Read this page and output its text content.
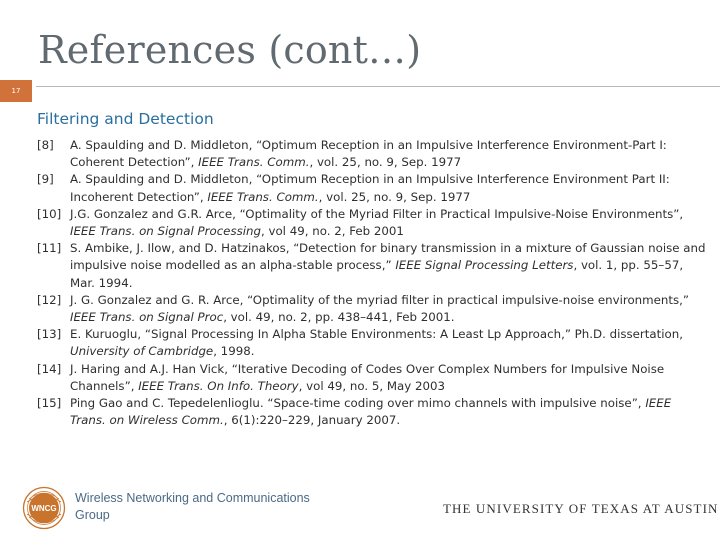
References (cont…)
17
Filtering and Detection
[8]	A. Spaulding and D. Middleton, “Optimum Reception in an Impulsive Interference Environment-Part I: Coherent Detection”, IEEE Trans. Comm., vol. 25, no. 9, Sep. 1977
[9]	A. Spaulding and D. Middleton, “Optimum Reception in an Impulsive Interference Environment Part II: Incoherent Detection”, IEEE Trans. Comm., vol. 25, no. 9, Sep. 1977
[10] J.G. Gonzalez and G.R. Arce, “Optimality of the Myriad Filter in Practical Impulsive-Noise Environments”, IEEE Trans. on Signal Processing, vol 49, no. 2, Feb 2001
[11] S. Ambike, J. Ilow, and D. Hatzinakos, “Detection for binary transmission in a mixture of Gaussian noise and impulsive noise modelled as an alpha-stable process,” IEEE Signal Processing Letters, vol. 1, pp. 55–57, Mar. 1994.
[12] J. G. Gonzalez and G. R. Arce, “Optimality of the myriad filter in practical impulsive-noise environments,” IEEE Trans. on Signal Proc, vol. 49, no. 2, pp. 438–441, Feb 2001.
[13] E. Kuruoglu, “Signal Processing In Alpha Stable Environments: A Least Lp Approach,” Ph.D. dissertation, University of Cambridge, 1998.
[14] J. Haring and A.J. Han Vick, “Iterative Decoding of Codes Over Complex Numbers for Impulsive Noise Channels”, IEEE Trans. On Info. Theory, vol 49, no. 5, May 2003
[15] Ping Gao and C. Tepedelenlioglu. “Space-time coding over mimo channels with impulsive noise”, IEEE Trans. on Wireless Comm., 6(1):220–229, January 2007.
WNCG
Wireless Networking and Communications
Group	THE UNIVERSITY OF TEXAS AT AUSTIN
